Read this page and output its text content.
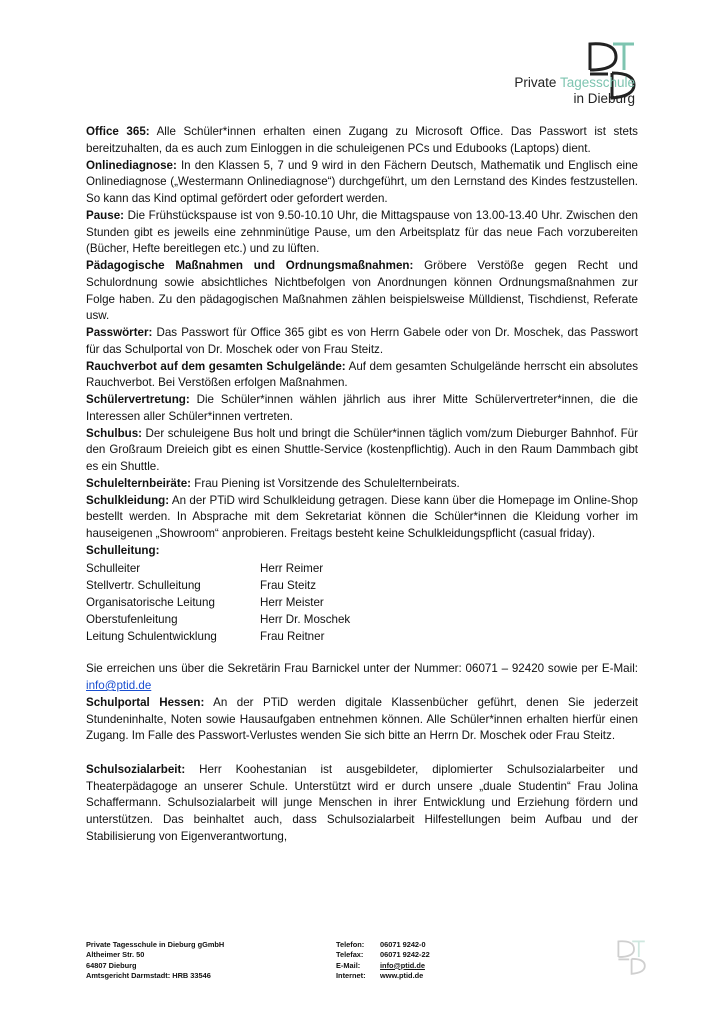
Private Tagesschule
in Dieburg

Office 365: Alle Schüler*innen erhalten einen Zugang zu Microsoft Office. Das Passwort ist stets bereitzuhalten, da es auch zum Einloggen in die schuleigenen PCs und Edubooks (Laptops) dient.

Onlinediagnose: In den Klassen 5, 7 und 9 wird in den Fächern Deutsch, Mathematik und Englisch eine Onlinediagnose („Westermann Onlinediagnose“) durchgeführt, um den Lernstand des Kindes festzustellen. So kann das Kind optimal gefördert oder gefordert werden.

Pause: Die Frühstückspause ist von 9.50-10.10 Uhr, die Mittagspause von 13.00-13.40 Uhr. Zwischen den Stunden gibt es jeweils eine zehnminütige Pause, um den Arbeitsplatz für das neue Fach vorzubereiten (Bücher, Hefte bereitlegen etc.) und zu lüften.

Pädagogische Maßnahmen und Ordnungsmaßnahmen: Gröbere Verstöße gegen Recht und Schulordnung sowie absichtliches Nichtbefolgen von Anordnungen können Ordnungsmaßnahmen zur Folge haben. Zu den pädagogischen Maßnahmen zählen beispielsweise Mülldienst, Tischdienst, Referate usw.

Passwörter: Das Passwort für Office 365 gibt es von Herrn Gabele oder von Dr. Moschek, das Passwort für das Schulportal von Dr. Moschek oder von Frau Steitz.

Rauchverbot auf dem gesamten Schulgelände: Auf dem gesamten Schulgelände herrscht ein absolutes Rauchverbot. Bei Verstößen erfolgen Maßnahmen.

Schülervertretung: Die Schüler*innen wählen jährlich aus ihrer Mitte Schülervertreter*innen, die die Interessen aller Schüler*innen vertreten.

Schulbus: Der schuleigene Bus holt und bringt die Schüler*innen täglich vom/zum Dieburger Bahnhof. Für den Großraum Dreieich gibt es einen Shuttle-Service (kostenpflichtig). Auch in den Raum Dammbach gibt es ein Shuttle.

Schulelternbeiräte: Frau Piening ist Vorsitzende des Schulelternbeirats.

Schulkleidung: An der PTiD wird Schulkleidung getragen. Diese kann über die Homepage im Online-Shop bestellt werden. In Absprache mit dem Sekretariat können die Schüler*innen die Kleidung vorher im hauseigenen „Showroom“ anprobieren. Freitags besteht keine Schulkleidungspflicht (casual friday).

Schulleitung:

Schulleiter	Herr Reimer
Stellvertr. Schulleitung	Frau Steitz
Organisatorische Leitung	Herr Meister
Oberstufenleitung	Herr Dr. Moschek
Leitung Schulentwicklung	Frau Reitner

Sie erreichen uns über die Sekretärin Frau Barnickel unter der Nummer: 06071 – 92420 sowie per E-Mail: info@ptid.de

Schulportal Hessen: An der PTiD werden digitale Klassenbücher geführt, denen Sie jederzeit Stundeninhalte, Noten sowie Hausaufgaben entnehmen können. Alle Schüler*innen erhalten hierfür einen Zugang. Im Falle des Passwort-Verlustes wenden Sie sich bitte an Herrn Dr. Moschek oder Frau Steitz.

Schulsozialarbeit: Herr Koohestanian ist ausgebildeter, diplomierter Schulsozialarbeiter und Theaterpädagoge an unserer Schule. Unterstützt wird er durch unsere „duale Studentin“ Frau Jolina Schaffermann. Schulsozialarbeit will junge Menschen in ihrer Entwicklung und Erziehung fördern und unterstützen. Das beinhaltet auch, dass Schulsozialarbeit Hilfestellungen beim Aufbau und der Stabilisierung von Eigenverantwortung,

Private Tagesschule in Dieburg gGmbH
Altheimer Str. 50
64807 Dieburg
Amtsgericht Darmstadt: HRB 33546
Telefon: 06071 9242-0
Telefax: 06071 9242-22
E-Mail:	info@ptid.de
Internet: www.ptid.de
